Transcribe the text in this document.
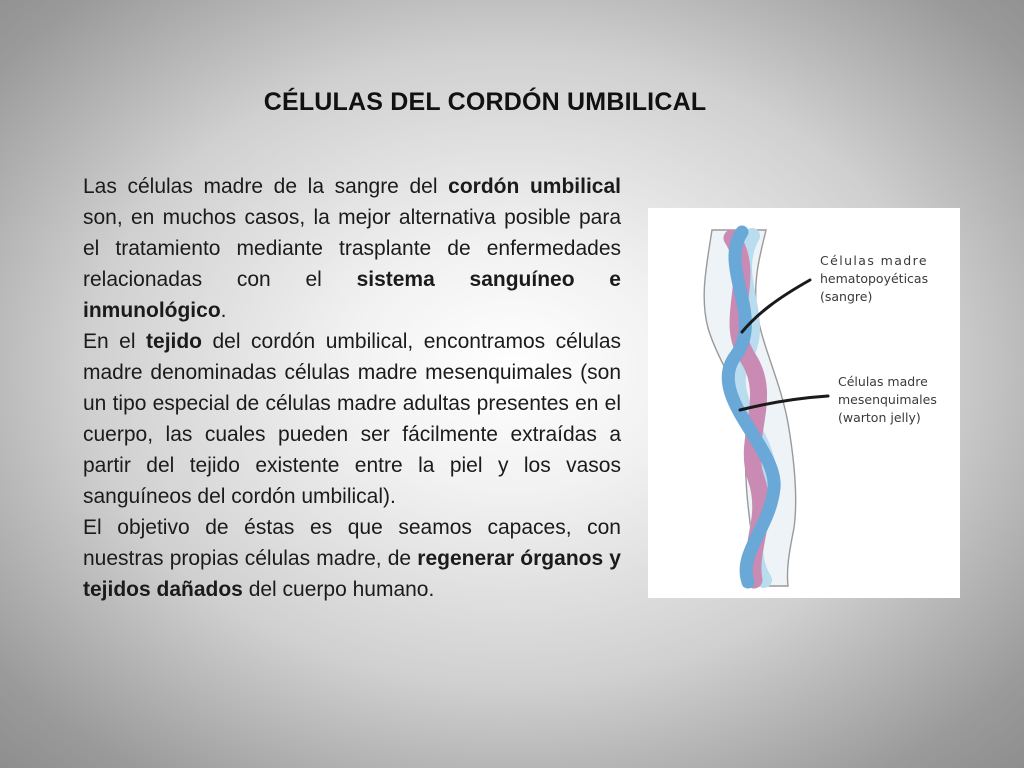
CÉLULAS DEL CORDÓN UMBILICAL

Las células madre de la sangre del cordón umbilical son, en muchos casos, la mejor alternativa posible para el tratamiento mediante trasplante de enfermedades relacionadas con el sistema sanguíneo e inmunológico.

En el tejido del cordón umbilical, encontramos células madre denominadas células madre mesenquimales (son un tipo especial de células madre adultas presentes en el cuerpo, las cuales pueden ser fácilmente extraídas a partir del tejido existente entre la piel y los vasos sanguíneos del cordón umbilical).

El objetivo de éstas es que seamos capaces, con nuestras propias células madre, de regenerar órganos y tejidos dañados del cuerpo humano.

Células madre
hematopoyéticas
(sangre)
Células madre
mesenquimales
(warton jelly)
